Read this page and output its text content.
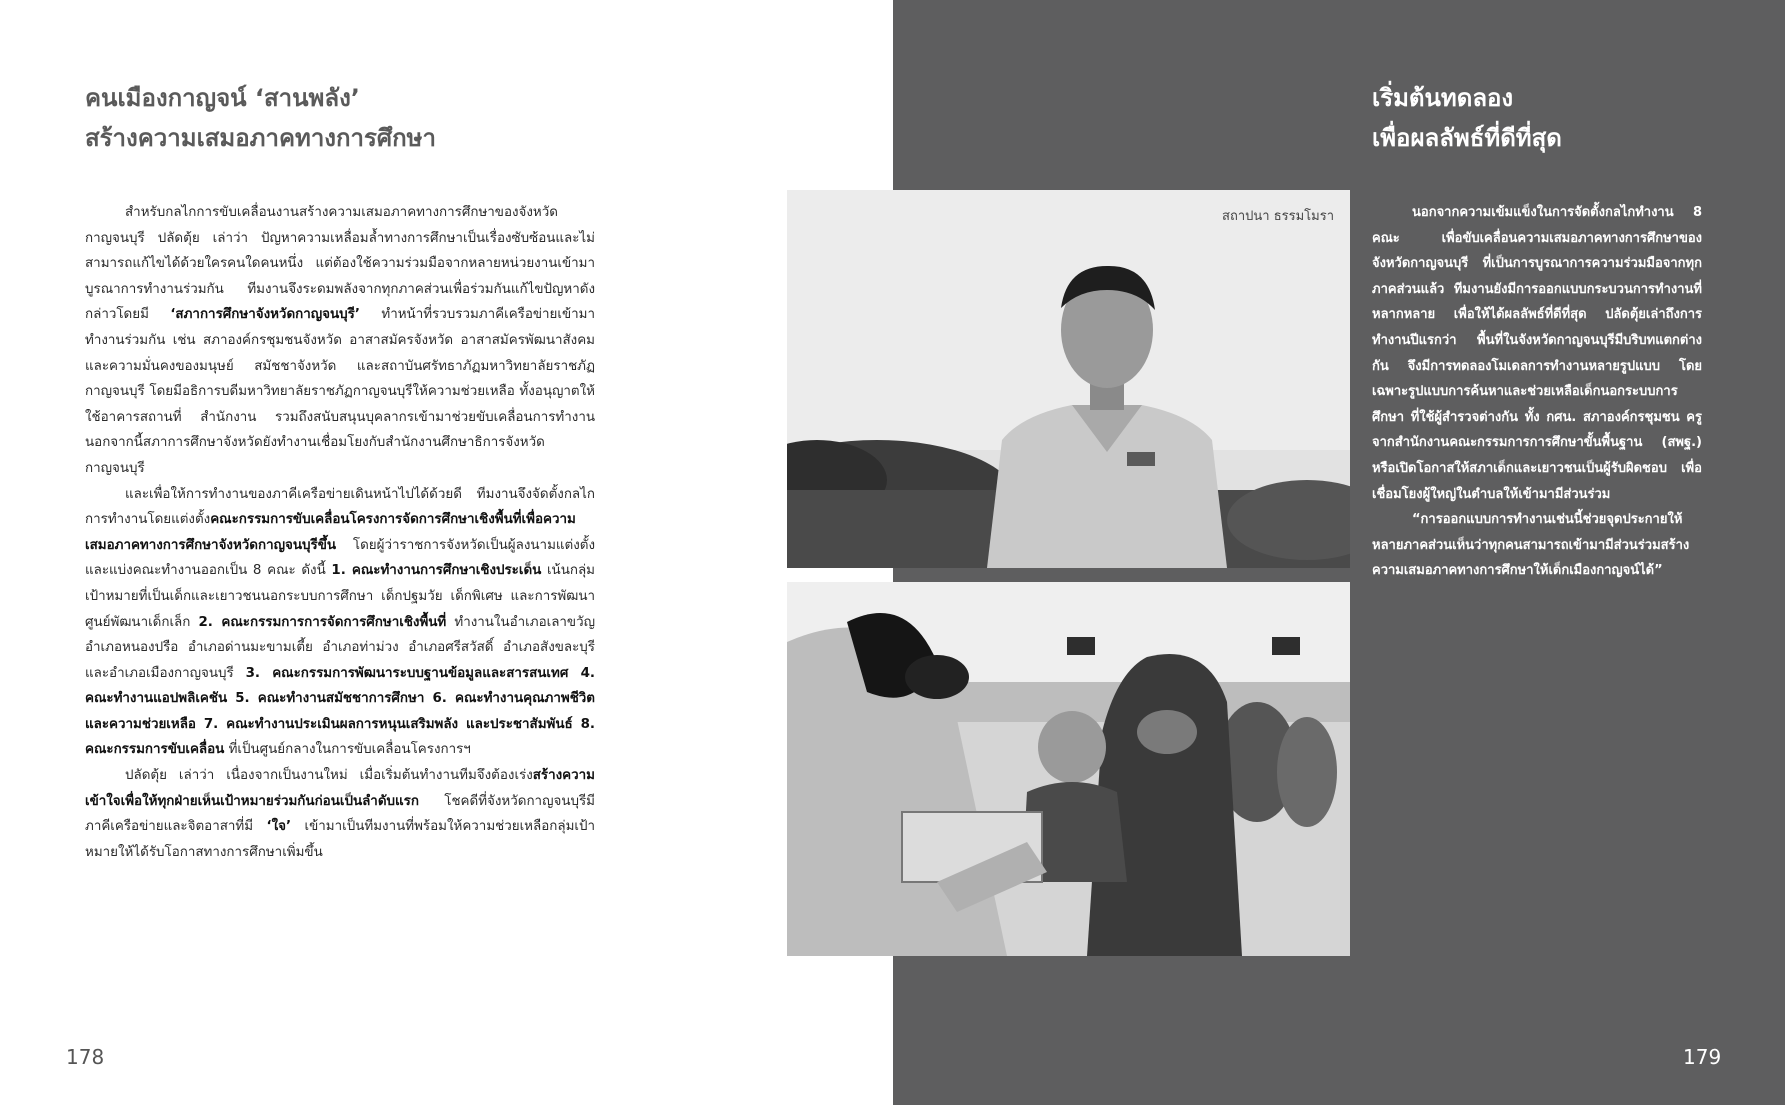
คนเมืองกาญจน์ ‘สานพลัง’
สร้างความเสมอภาคทางการศึกษา

สำหรับกลไกการขับเคลื่อนงานสร้างความเสมอภาคทางการศึกษาของจังหวัดกาญจนบุรี ปลัดตุ้ย เล่าว่า ปัญหาความเหลื่อมล้ำทางการศึกษาเป็นเรื่องซับซ้อนและไม่สามารถแก้ไขได้ด้วยใครคนใดคนหนึ่ง แต่ต้องใช้ความร่วมมือจากหลายหน่วยงานเข้ามาบูรณาการทำงานร่วมกัน ทีมงานจึงระดมพลังจากทุกภาคส่วนเพื่อร่วมกันแก้ไขปัญหาดังกล่าวโดยมี ‘สภาการศึกษาจังหวัดกาญจนบุรี’ ทำหน้าที่รวบรวมภาคีเครือข่ายเข้ามาทำงานร่วมกัน เช่น สภาองค์กรชุมชนจังหวัด อาสาสมัครจังหวัด อาสาสมัครพัฒนาสังคมและความมั่นคงของมนุษย์ สมัชชาจังหวัด และสถาบันศรัทธาภัฏมหาวิทยาลัยราชภัฏกาญจนบุรี โดยมีอธิการบดีมหาวิทยาลัยราชภัฏกาญจนบุรีให้ความช่วยเหลือ ทั้งอนุญาตให้ใช้อาคารสถานที่ สำนักงาน รวมถึงสนับสนุนบุคลากรเข้ามาช่วยขับเคลื่อนการทำงาน นอกจากนี้สภาการศึกษาจังหวัดยังทำงานเชื่อมโยงกับสำนักงานศึกษาธิการจังหวัดกาญจนบุรี

และเพื่อให้การทำงานของภาคีเครือข่ายเดินหน้าไปได้ด้วยดี ทีมงานจึงจัดตั้งกลไกการทำงานโดยแต่งตั้งคณะกรรมการขับเคลื่อนโครงการจัดการศึกษาเชิงพื้นที่เพื่อความเสมอภาคทางการศึกษาจังหวัดกาญจนบุรีขึ้น โดยผู้ว่าราชการจังหวัดเป็นผู้ลงนามแต่งตั้ง และแบ่งคณะทำงานออกเป็น 8 คณะ ดังนี้ 1. คณะทำงานการศึกษาเชิงประเด็น เน้นกลุ่มเป้าหมายที่เป็นเด็กและเยาวชนนอกระบบการศึกษา เด็กปฐมวัย เด็กพิเศษ และการพัฒนาศูนย์พัฒนาเด็กเล็ก 2. คณะกรรมการการจัดการศึกษาเชิงพื้นที่ ทำงานในอำเภอเลาขวัญ อำเภอหนองปรือ อำเภอด่านมะขามเตี้ย อำเภอท่าม่วง อำเภอศรีสวัสดิ์ อำเภอสังขละบุรี และอำเภอเมืองกาญจนบุรี 3. คณะกรรมการพัฒนาระบบฐานข้อมูลและสารสนเทศ 4. คณะทำงานแอปพลิเคชัน 5. คณะทำงานสมัชชาการศึกษา 6. คณะทำงานคุณภาพชีวิตและความช่วยเหลือ 7. คณะทำงานประเมินผลการหนุนเสริมพลัง และประชาสัมพันธ์ 8. คณะกรรมการขับเคลื่อน ที่เป็นศูนย์กลางในการขับเคลื่อนโครงการฯ

ปลัดตุ้ย เล่าว่า เนื่องจากเป็นงานใหม่ เมื่อเริ่มต้นทำงานทีมจึงต้องเร่งสร้างความเข้าใจเพื่อให้ทุกฝ่ายเห็นเป้าหมายร่วมกันก่อนเป็นลำดับแรก โชคดีที่จังหวัดกาญจนบุรีมีภาคีเครือข่ายและจิตอาสาที่มี ‘ใจ’ เข้ามาเป็นทีมงานที่พร้อมให้ความช่วยเหลือกลุ่มเป้าหมายให้ได้รับโอกาสทางการศึกษาเพิ่มขึ้น

สถาปนา ธรรมโมรา
เริ่มต้นทดลอง
เพื่อผลลัพธ์ที่ดีที่สุด

นอกจากความเข้มแข็งในการจัดตั้งกลไกทำงาน 8 คณะ เพื่อขับเคลื่อนความเสมอภาคทางการศึกษาของจังหวัดกาญจนบุรี ที่เป็นการบูรณาการความร่วมมือจากทุกภาคส่วนแล้ว ทีมงานยังมีการออกแบบกระบวนการทำงานที่หลากหลาย เพื่อให้ได้ผลลัพธ์ที่ดีที่สุด ปลัดตุ้ยเล่าถึงการทำงานปีแรกว่า พื้นที่ในจังหวัดกาญจนบุรีมีบริบทแตกต่างกัน จึงมีการทดลองโมเดลการทำงานหลายรูปแบบ โดยเฉพาะรูปแบบการค้นหาและช่วยเหลือเด็กนอกระบบการศึกษา ที่ใช้ผู้สำรวจต่างกัน ทั้ง กศน. สภาองค์กรชุมชน ครูจากสำนักงานคณะกรรมการการศึกษาขั้นพื้นฐาน (สพฐ.) หรือเปิดโอกาสให้สภาเด็กและเยาวชนเป็นผู้รับผิดชอบ เพื่อเชื่อมโยงผู้ใหญ่ในตำบลให้เข้ามามีส่วนร่วม

“การออกแบบการทำงานเช่นนี้ช่วยจุดประกายให้หลายภาคส่วนเห็นว่าทุกคนสามารถเข้ามามีส่วนร่วมสร้างความเสมอภาคทางการศึกษาให้เด็กเมืองกาญจน์ได้”

178	179
